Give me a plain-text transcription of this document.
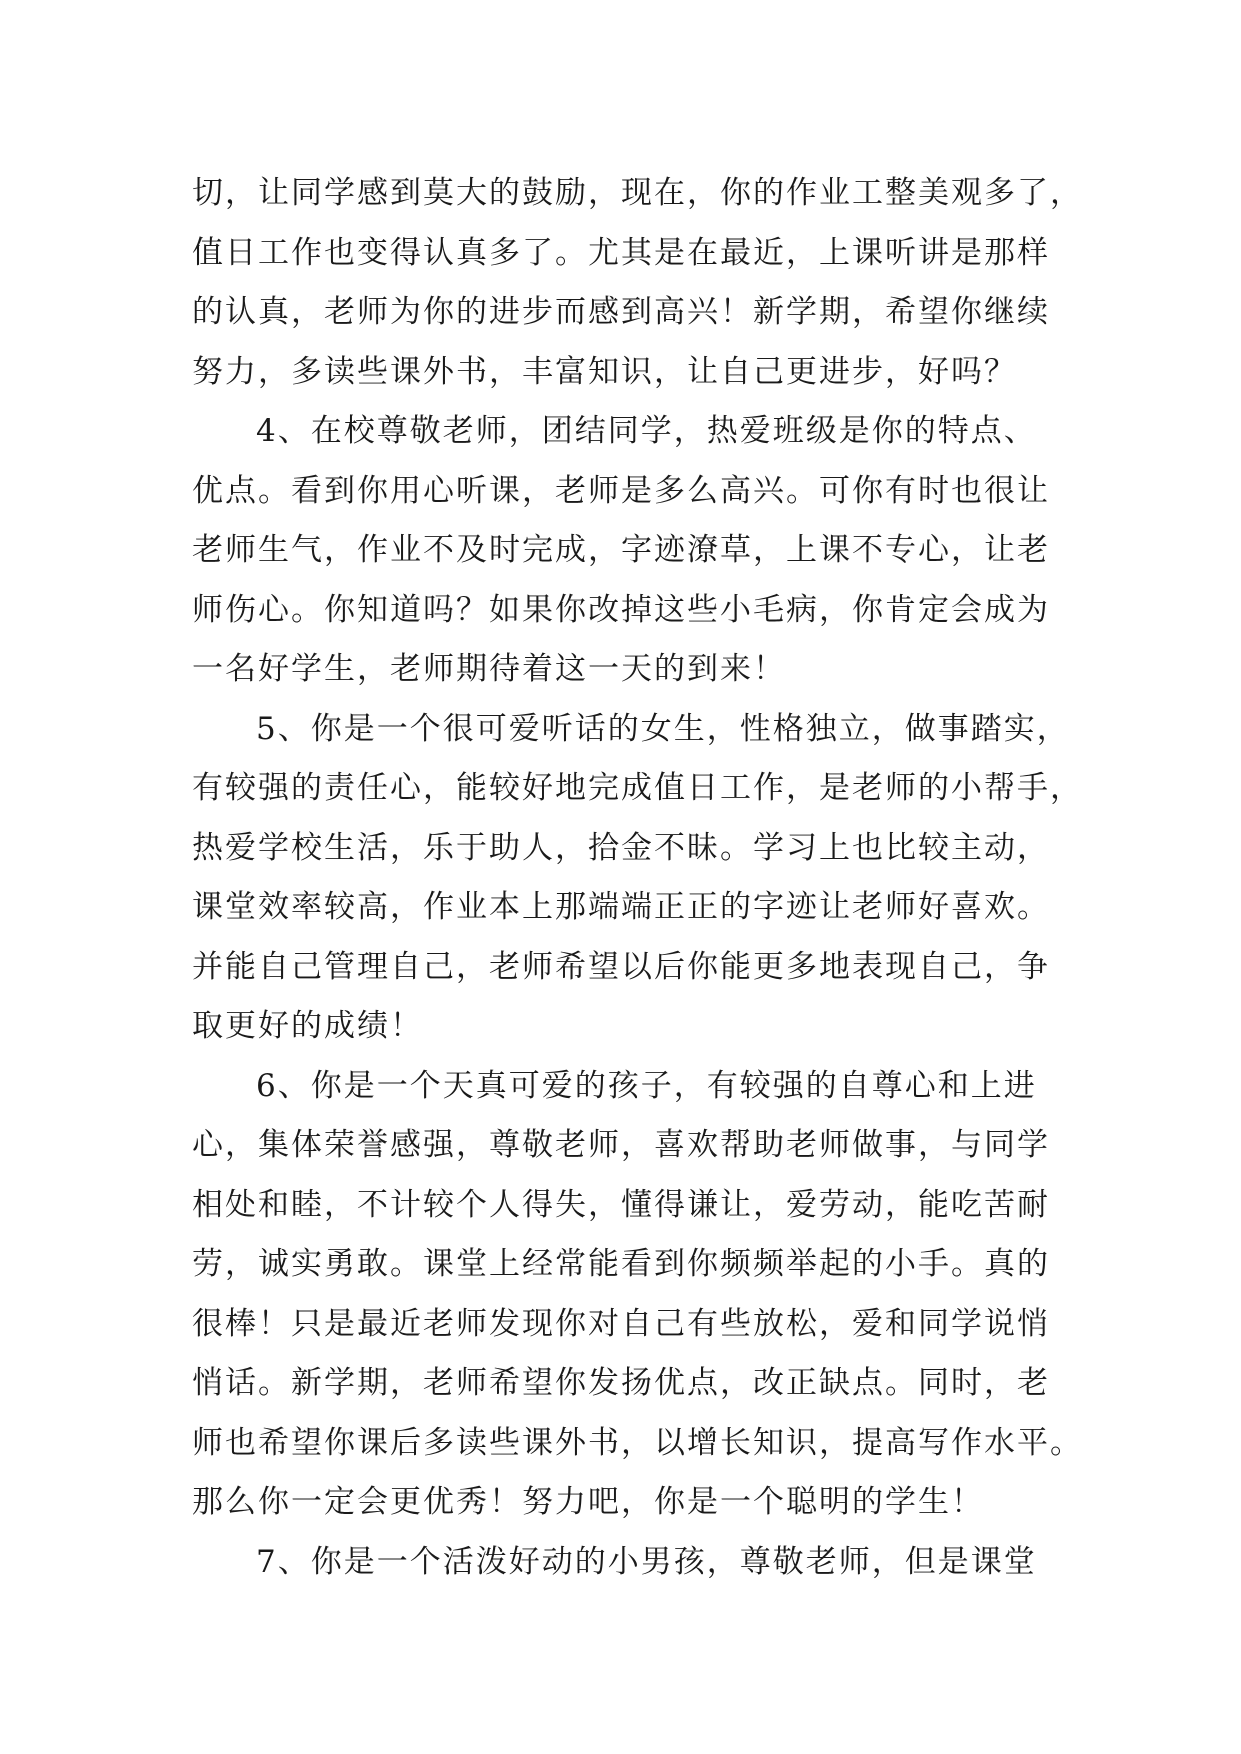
切，让同学感到莫大的鼓励，现在，你的作业工整美观多了，
值日工作也变得认真多了。尤其是在最近，上课听讲是那样
的认真，老师为你的进步而感到高兴！新学期，希望你继续
努力，多读些课外书，丰富知识，让自己更进步，好吗？
4、在校尊敬老师，团结同学，热爱班级是你的特点、
优点。看到你用心听课，老师是多么高兴。可你有时也很让
老师生气，作业不及时完成，字迹潦草，上课不专心，让老
师伤心。你知道吗？如果你改掉这些小毛病，你肯定会成为
一名好学生，老师期待着这一天的到来！
5、你是一个很可爱听话的女生，性格独立，做事踏实，
有较强的责任心，能较好地完成值日工作，是老师的小帮手，
热爱学校生活，乐于助人，拾金不昧。学习上也比较主动，
课堂效率较高，作业本上那端端正正的字迹让老师好喜欢。
并能自己管理自己，老师希望以后你能更多地表现自己，争
取更好的成绩！
6、你是一个天真可爱的孩子，有较强的自尊心和上进
心，集体荣誉感强，尊敬老师，喜欢帮助老师做事，与同学
相处和睦，不计较个人得失，懂得谦让，爱劳动，能吃苦耐
劳，诚实勇敢。课堂上经常能看到你频频举起的小手。真的
很棒！只是最近老师发现你对自己有些放松，爱和同学说悄
悄话。新学期，老师希望你发扬优点，改正缺点。同时，老
师也希望你课后多读些课外书，以增长知识，提高写作水平。
那么你一定会更优秀！努力吧，你是一个聪明的学生！
7、你是一个活泼好动的小男孩，尊敬老师，但是课堂
